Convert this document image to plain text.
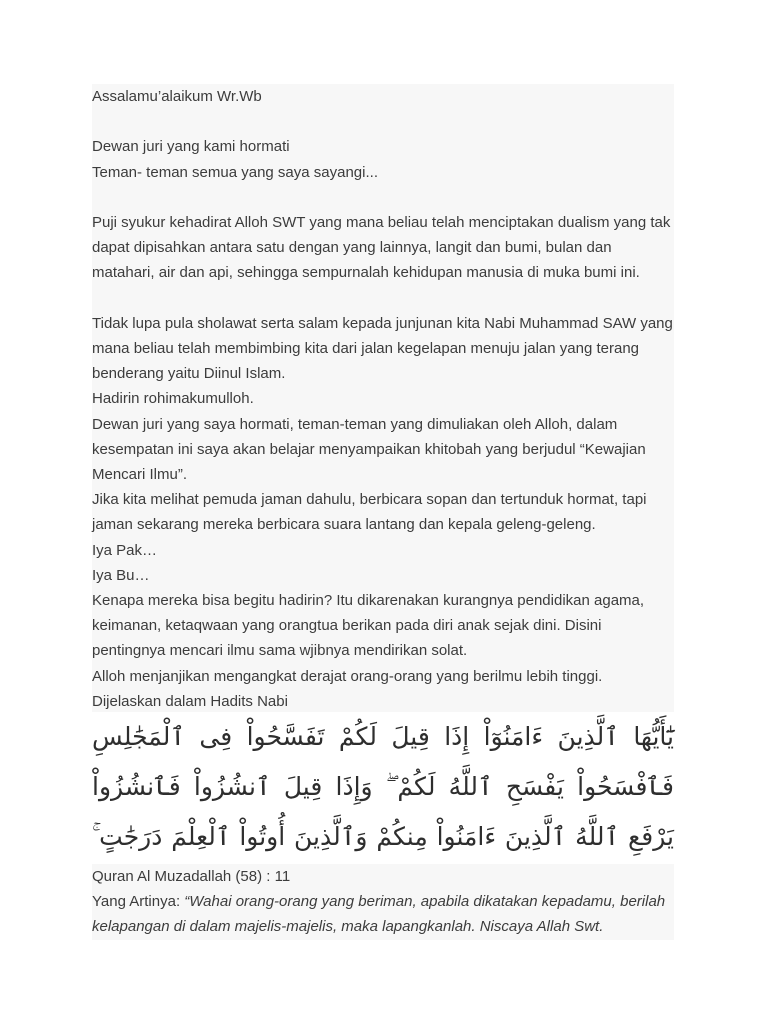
Assalamu’alaikum Wr.Wb

Dewan juri yang kami hormati

Teman- teman semua yang saya sayangi...

Puji syukur kehadirat Alloh SWT yang mana beliau telah menciptakan dualism yang tak dapat dipisahkan antara satu dengan yang lainnya, langit dan bumi, bulan dan matahari, air dan api, sehingga sempurnalah kehidupan manusia di muka bumi ini.

Tidak lupa pula sholawat serta salam kepada junjunan kita Nabi Muhammad SAW yang mana beliau telah membimbing kita dari jalan kegelapan menuju jalan yang terang benderang yaitu Diinul Islam.

Hadirin rohimakumulloh.

Dewan juri yang saya hormati, teman-teman yang dimuliakan oleh Alloh, dalam kesempatan ini saya akan belajar menyampaikan khitobah yang berjudul “Kewajian Mencari Ilmu”.

Jika kita melihat pemuda jaman dahulu, berbicara sopan dan tertunduk hormat, tapi jaman sekarang mereka berbicara suara lantang dan kepala geleng-geleng.

Iya Pak…

Iya Bu…

Kenapa mereka bisa begitu hadirin? Itu dikarenakan kurangnya pendidikan agama, keimanan, ketaqwaan yang orangtua berikan pada diri anak sejak dini. Disini pentingnya mencari ilmu sama wjibnya mendirikan solat.

Alloh menjanjikan mengangkat derajat orang-orang yang berilmu lebih tinggi.

Dijelaskan dalam Hadits Nabi

يَٰٓأَيُّهَا ٱلَّذِينَ ءَامَنُوٓاْ إِذَا قِيلَ لَكُمْ تَفَسَّحُواْ فِى ٱلْمَجَٰلِسِ فَٱفْسَحُواْ يَفْسَحِ ٱللَّهُ لَكُمْ ۖ وَإِذَا قِيلَ ٱنشُزُواْ فَٱنشُزُواْ يَرْفَعِ ٱللَّهُ ٱلَّذِينَ ءَامَنُواْ مِنكُمْ وَٱلَّذِينَ أُوتُواْ ٱلْعِلْمَ دَرَجَٰتٍ ۚ

Quran Al Muzadallah (58) : 11

Yang Artinya: “Wahai orang-orang yang beriman, apabila dikatakan kepadamu, berilah kelapangan di dalam majelis-majelis, maka lapangkanlah. Niscaya Allah Swt.
